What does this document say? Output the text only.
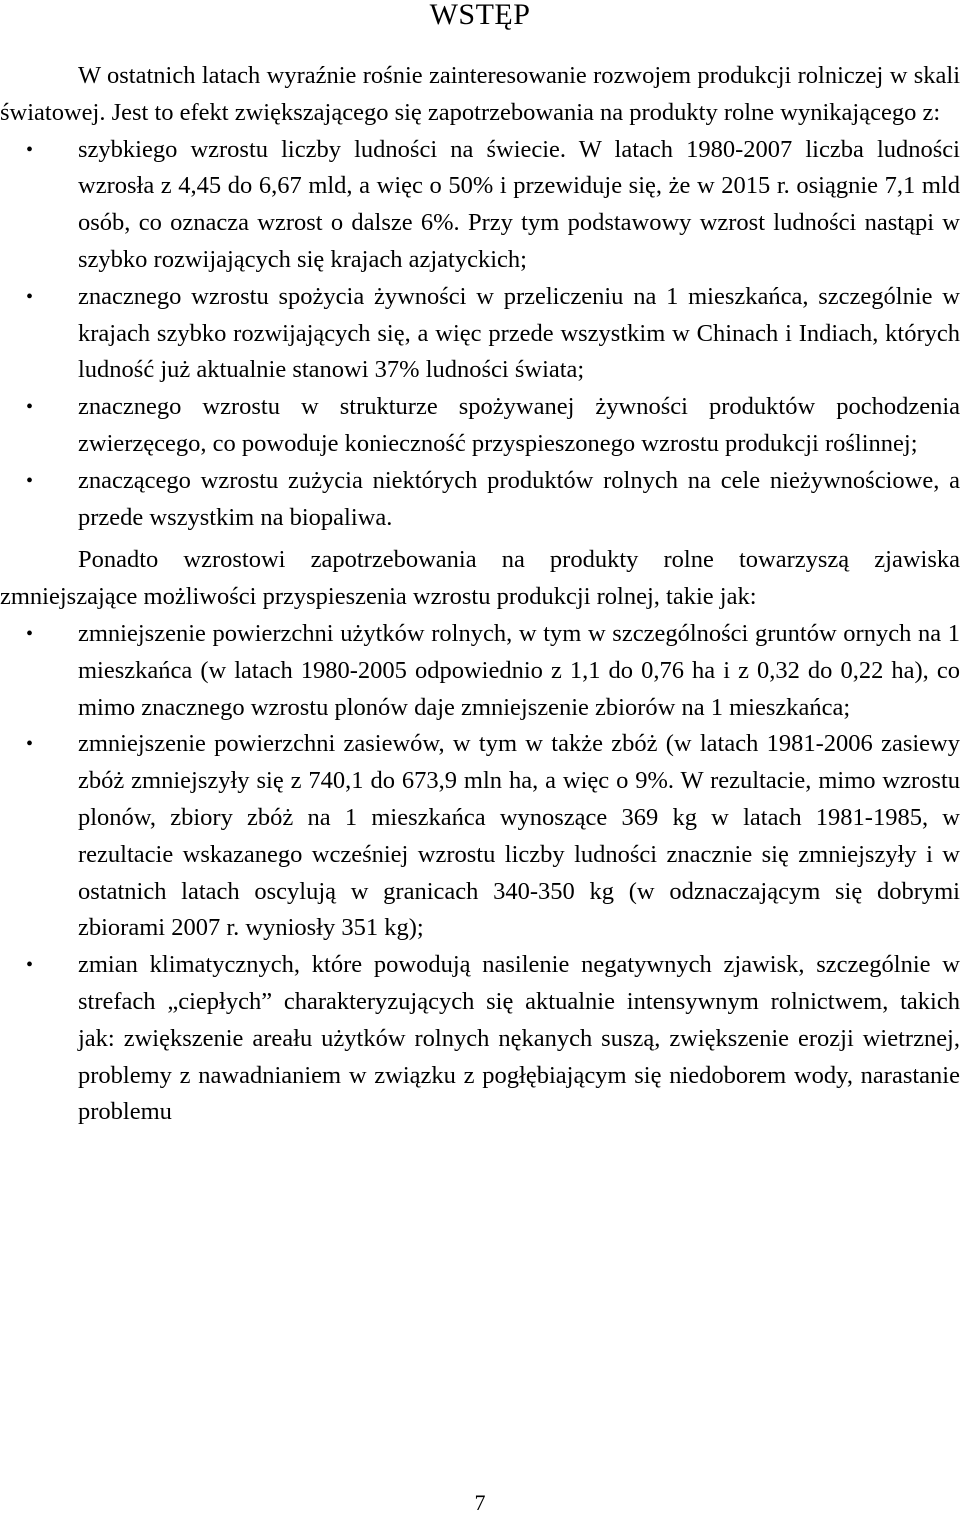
WSTĘP

W ostatnich latach wyraźnie rośnie zainteresowanie rozwojem produkcji rolniczej w skali światowej. Jest to efekt zwiększającego się zapotrzebowania na produkty rolne wynikającego z:

• szybkiego wzrostu liczby ludności na świecie. W latach 1980-2007 liczba ludności wzrosła z 4,45 do 6,67 mld, a więc o 50% i przewiduje się, że w 2015 r. osiągnie 7,1 mld osób, co oznacza wzrost o dalsze 6%. Przy tym podstawowy wzrost ludności nastąpi w szybko rozwijających się krajach azjatyckich;
• znacznego wzrostu spożycia żywności w przeliczeniu na 1 mieszkańca, szczególnie w krajach szybko rozwijających się, a więc przede wszystkim w Chinach i Indiach, których ludność już aktualnie stanowi 37% ludności świata;
• znacznego wzrostu w strukturze spożywanej żywności produktów pochodzenia zwierzęcego, co powoduje konieczność przyspieszonego wzrostu produkcji roślinnej;
• znaczącego wzrostu zużycia niektórych produktów rolnych na cele nieżywnościowe, a przede wszystkim na biopaliwa.

Ponadto wzrostowi zapotrzebowania na produkty rolne towarzyszą zjawiska zmniejszające możliwości przyspieszenia wzrostu produkcji rolnej, takie jak:

• zmniejszenie powierzchni użytków rolnych, w tym w szczególności gruntów ornych na 1 mieszkańca (w latach 1980-2005 odpowiednio z 1,1 do 0,76 ha i z 0,32 do 0,22 ha), co mimo znacznego wzrostu plonów daje zmniejszenie zbiorów na 1 mieszkańca;
• zmniejszenie powierzchni zasiewów, w tym w także zbóż (w latach 1981-2006 zasiewy zbóż zmniejszyły się z 740,1 do 673,9 mln ha, a więc o 9%. W rezultacie, mimo wzrostu plonów, zbiory zbóż na 1 mieszkańca wynoszące 369 kg w latach 1981-1985, w rezultacie wskazanego wcześniej wzrostu liczby ludności znacznie się zmniejszyły i w ostatnich latach oscylują w granicach 340-350 kg (w odznaczającym się dobrymi zbiorami 2007 r. wyniosły 351 kg);
• zmian klimatycznych, które powodują nasilenie negatywnych zjawisk, szczególnie w strefach „ciepłych” charakteryzujących się aktualnie intensywnym rolnictwem, takich jak: zwiększenie areału użytków rolnych nękanych suszą, zwiększenie erozji wietrznej, problemy z nawadnianiem w związku z pogłębiającym się niedoborem wody, narastanie problemu
7
